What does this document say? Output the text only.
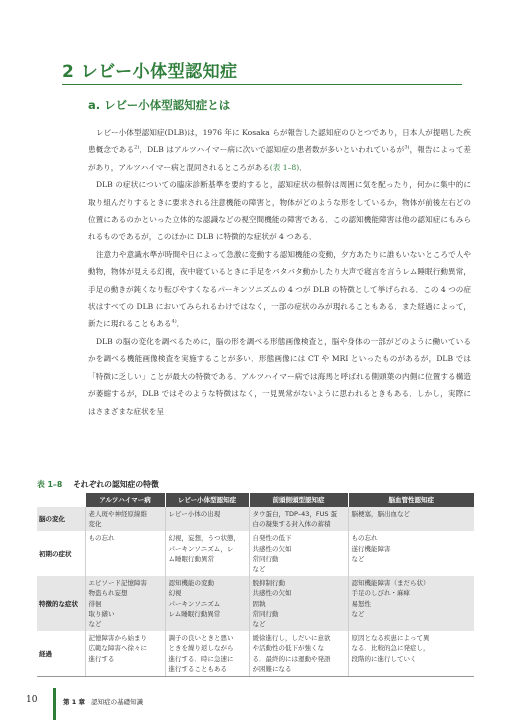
2 レビー小体型認知症
a. レビー小体型認知症とは

レビー小体型認知症(DLB)は，1976 年に Kosaka らが報告した認知症のひとつであり，日本人が提唱した疾患概念である$^{2)}$．DLB はアルツハイマー病に次いで認知症の患者数が多いといわれているが$^{3)}$，報告によって差があり，アルツハイマー病と混同されるところがある(表 1–8)．

DLB の症状についての臨床診断基準を要約すると，認知症状の根幹は周囲に気を配ったり，何かに集中的に取り組んだりするときに要求される注意機能の障害と，物体がどのような形をしているか，物体が前後左右どの位置にあるのかといった立体的な認識などの視空間機能の障害である．この認知機能障害は他の認知症にもみられるものであるが，このほかに DLB に特徴的な症状が 4 つある．

注意力や意識水準が時間や日によって急激に変動する認知機能の変動，夕方あたりに誰もいないところで人や動物，物体が見える幻視，夜中寝ているときに手足をバタバタ動かしたり大声で寝言を言うレム睡眠行動異常，手足の動きが鈍くなり転びやすくなるパーキンソニズムの 4 つが DLB の特徴として挙げられる．この 4 つの症状はすべての DLB においてみられるわけではなく，一部の症状のみが現れることもある．また経過によって，新たに現れることもある$^{4)}$．

DLB の脳の変化を調べるために，脳の形を調べる形態画像検査と，脳や身体の一部がどのように働いているかを調べる機能画像検査を実施することが多い．形態画像には CT や MRI といったものがあるが，DLB では「特徴に乏しい」ことが最大の特徴である．アルツハイマー病では海馬と呼ばれる側頭葉の内側に位置する構造が萎縮するが，DLB ではそのような特徴はなく，一見異常がないように思われるときもある．しかし，実際にはさまざまな症状を呈

表 1–8 それぞれの認知症の特徴
	アルツハイマー病	レビー小体型認知症	前頭側頭型認知症	脳血管性認知症
脳の変化	老人斑や神経原線維
変化	レビー小体の出現	タウ蛋白，TDP–43，FUS 蛋
白の凝集する封入体の蓄積	脳梗塞，脳出血など

初期の症状	もの忘れ	幻視，妄想，うつ状態，
パーキンソニズム，レ
ム睡眠行動異常	自発性の低下
共感性の欠如
常同行動
など	もの忘れ
遂行機能障害
など

特徴的な症状	エピソード記憶障害
物盗られ妄想
徘徊
取り繕い
など	認知機能の変動
幻視
パーキンソニズム
レム睡眠行動異常	脱抑制行動
共感性の欠如
固執
常同行動
など	認知機能障害（まだら状）
手足のしびれ・麻痺
易怒性
など

経過	記憶障害から始まり
広範な障害へ徐々に
進行する	調子の良いときと悪い
ときを繰り返しながら
進行する．時に急速に
進行することもある	緩徐進行し，しだいに意欲
や活動性の低下が強くな
る．最終的には運動や発語
が困難になる	原因となる疾患によって異
なる．比較的急に発症し，
段階的に進行していく
10	第 1 章 認知症の基礎知識
